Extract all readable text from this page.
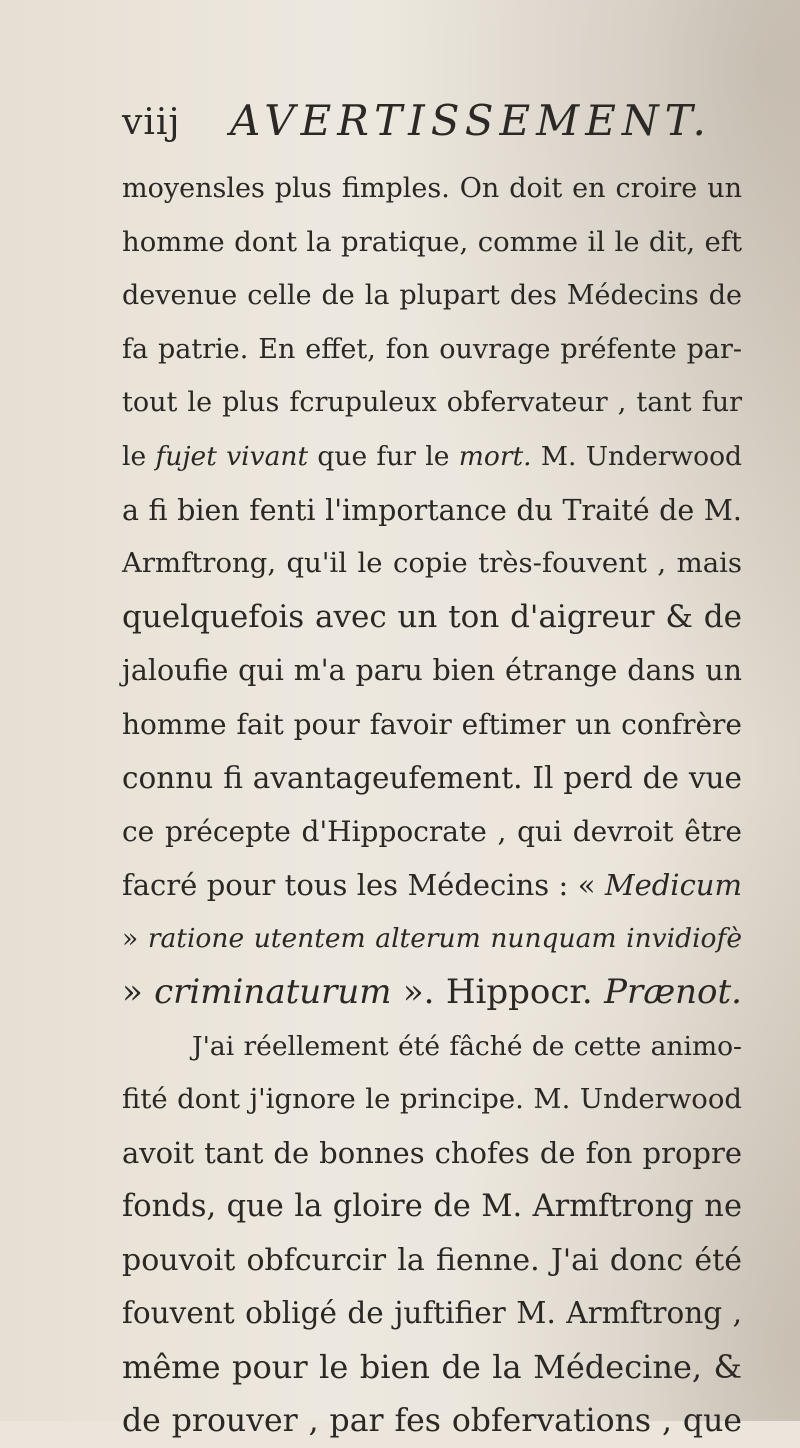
viij AVERTISSEMENT.
moyensles plus fimples. On doit en croire un
homme dont la pratique, comme il le dit, eft
devenue celle de la plupart des Médecins de
fa patrie. En effet, fon ouvrage préfente par-
tout le plus fcrupuleux obfervateur , tant fur
le fujet vivant que fur le mort. M. Underwood
a fi bien fenti l'importance du Traité de M.
Armftrong, qu'il le copie très-fouvent , mais
quelquefois avec un ton d'aigreur & de
jaloufie qui m'a paru bien étrange dans un
homme fait pour favoir eftimer un confrère
connu fi avantageufement. Il perd de vue
ce précepte d'Hippocrate , qui devroit être
facré pour tous les Médecins : « Medicum
» ratione utentem alterum nunquam invidiofè
» criminaturum ». Hippocr. Prænot.
J'ai réellement été fâché de cette animo-
fité dont j'ignore le principe. M. Underwood
avoit tant de bonnes chofes de fon propre
fonds, que la gloire de M. Armftrong ne
pouvoit obfcurcir la fienne. J'ai donc été
fouvent obligé de juftifier M. Armftrong ,
même pour le bien de la Médecine, &
de prouver , par fes obfervations , que
